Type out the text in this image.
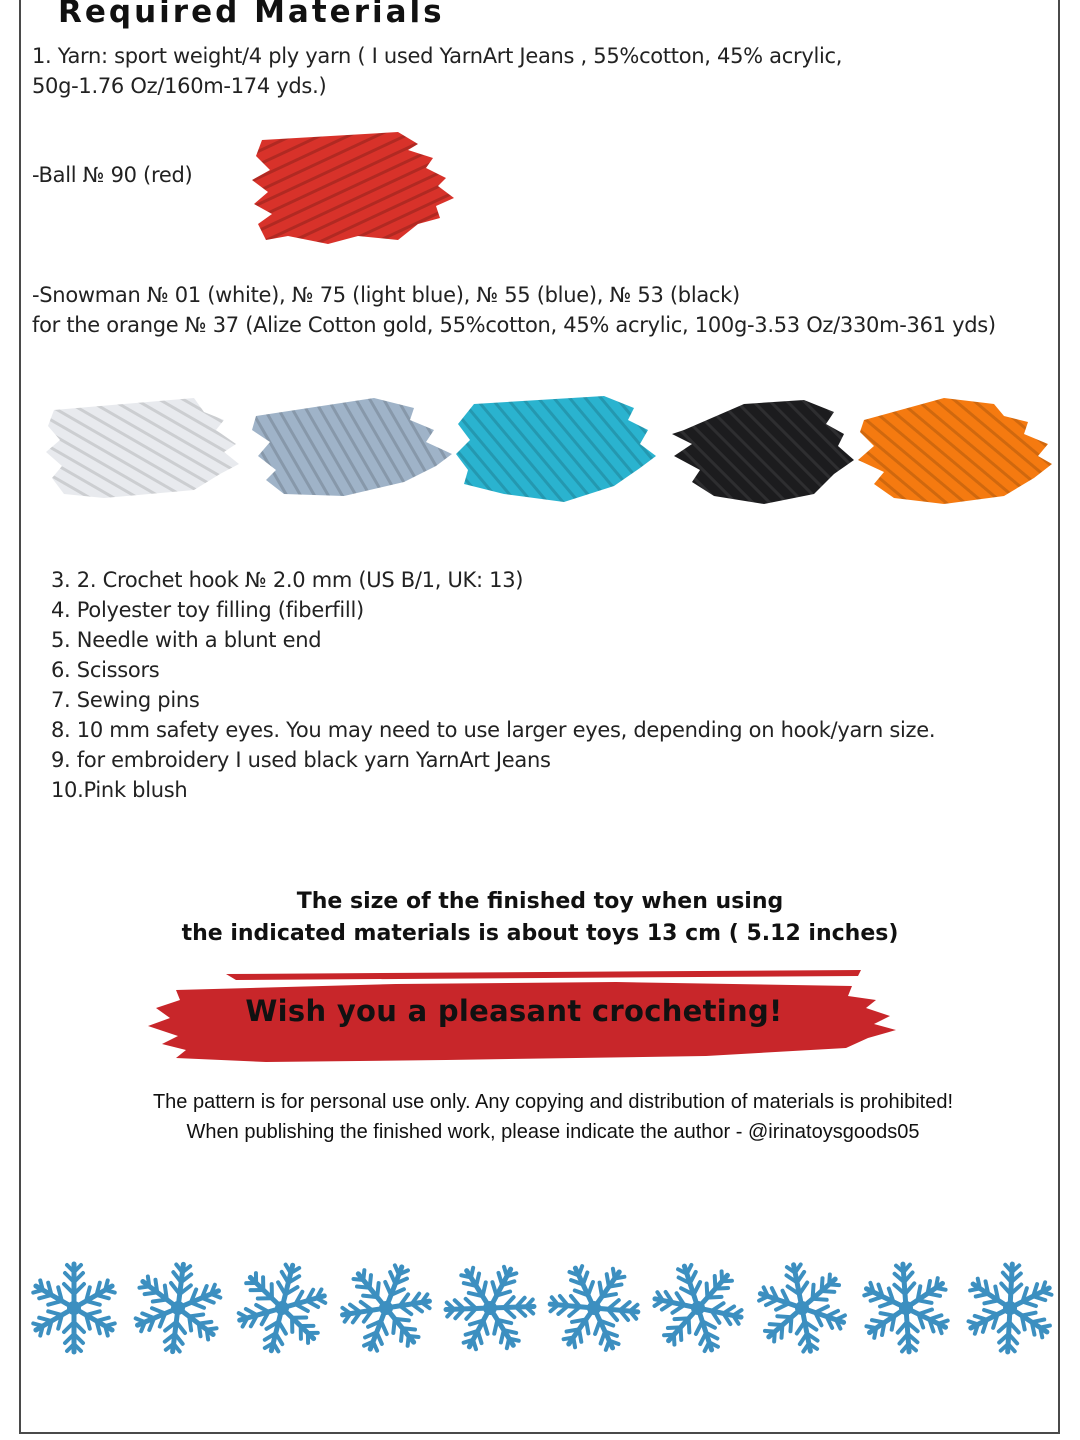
Required Materials
1. Yarn: sport weight/4 ply yarn ( I used YarnArt Jeans , 55%cotton, 45% acrylic,
50g-1.76 Oz/160m-174 yds.)
-Ball № 90 (red)
-Snowman № 01 (white), № 75 (light blue), № 55 (blue), № 53 (black)
for the orange № 37 (Alize Cotton gold, 55%cotton, 45% acrylic, 100g-3.53 Oz/330m-361 yds)
3. 2. Crochet hook № 2.0 mm (US B/1, UK: 13)
4. Polyester toy filling (fiberfill)
5. Needle with a blunt end
6. Scissors
7. Sewing pins
8. 10 mm safety eyes. You may need to use larger eyes, depending on hook/yarn size.
9. for embroidery I used black yarn YarnArt Jeans
10.Pink blush
The size of the finished toy when using
the indicated materials is about toys 13 cm ( 5.12 inches)
Wish you a pleasant crocheting!
The pattern is for personal use only. Any copying and distribution of materials is prohibited!
When publishing the finished work, please indicate the author - @irinatoysgoods05
